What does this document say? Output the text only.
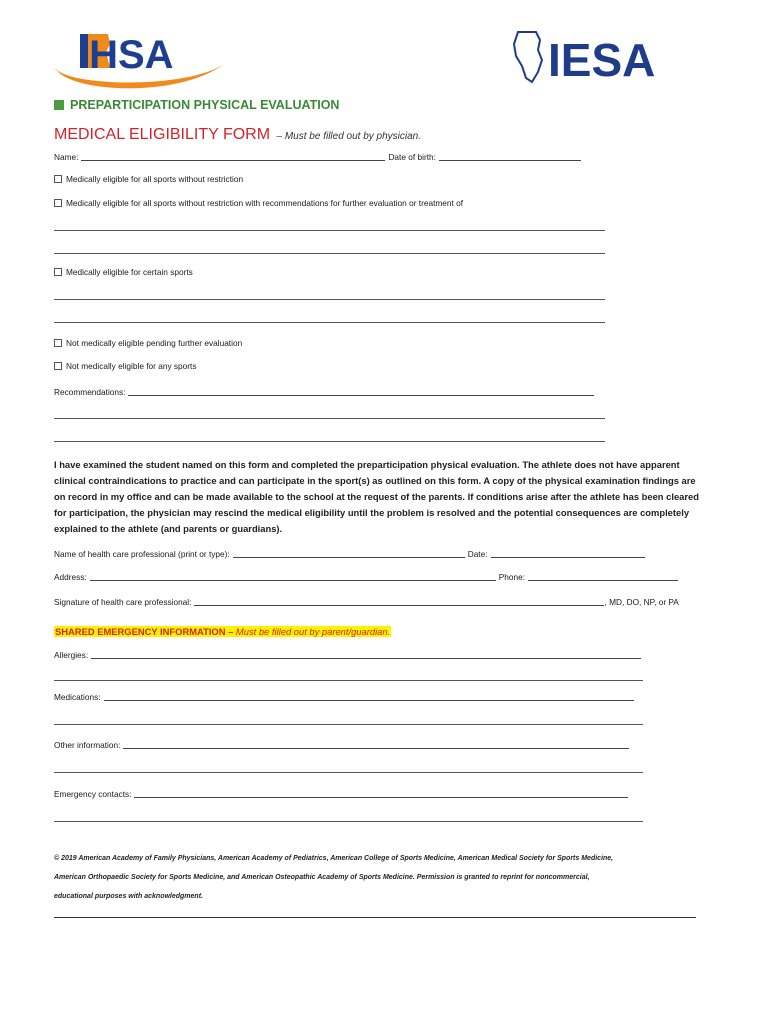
IHSA	IESA
PREPARTICIPATION PHYSICAL EVALUATION
MEDICAL ELIGIBILITY FORM – Must be filled out by physician.
Name:	Date of birth:
Medically eligible for all sports without restriction
Medically eligible for all sports without restriction with recommendations for further evaluation or treatment of
Medically eligible for certain sports
Not medically eligible pending further evaluation
Not medically eligible for any sports
Recommendations:
I have examined the student named on this form and completed the preparticipation physical evaluation. The athlete does not have apparent clinical contraindications to practice and can participate in the sport(s) as outlined on this form. A copy of the physical examination findings are on record in my office and can be made available to the school at the request of the parents. If conditions arise after the athlete has been cleared for participation, the physician may rescind the medical eligibility until the problem is resolved and the potential consequences are completely explained to the athlete (and parents or guardians).
Name of health care professional (print or type):	Date:
Address:	Phone:
Signature of health care professional:	, MD, DO, NP, or PA
SHARED EMERGENCY INFORMATION – Must be filled out by parent/guardian.
Allergies:
Medications:
Other information:
Emergency contacts:
© 2019 American Academy of Family Physicians, American Academy of Pediatrics, American College of Sports Medicine, American Medical Society for Sports Medicine,
American Orthopaedic Society for Sports Medicine, and American Osteopathic Academy of Sports Medicine. Permission is granted to reprint for noncommercial,
educational purposes with acknowledgment.
